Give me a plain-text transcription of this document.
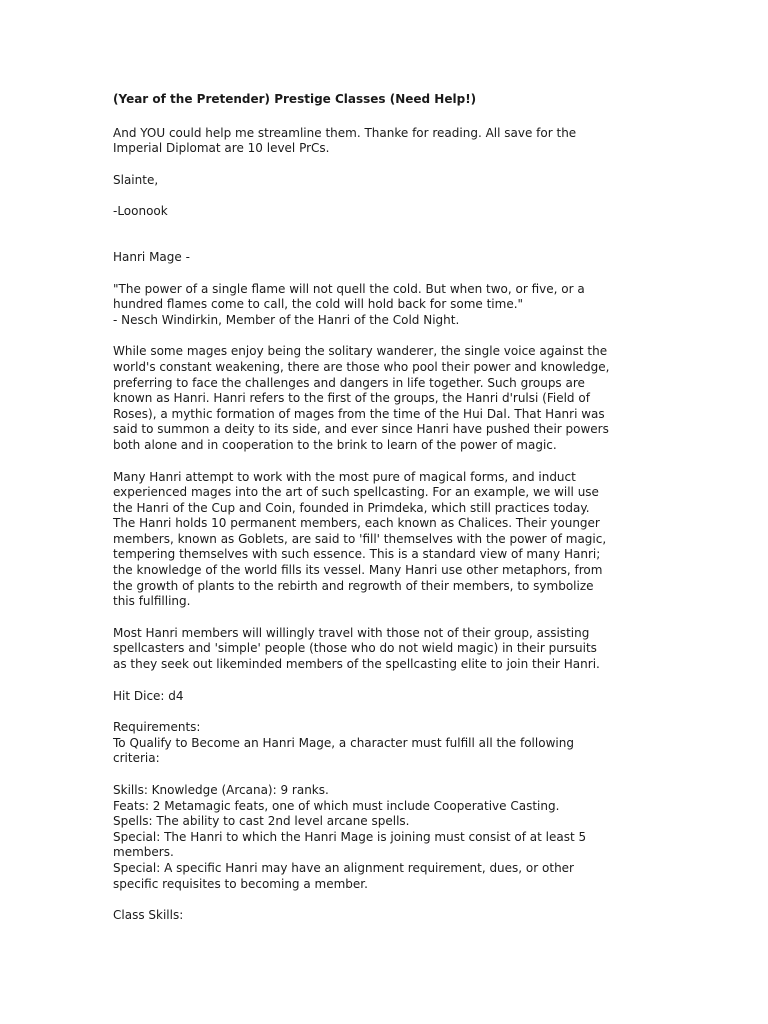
(Year of the Pretender) Prestige Classes (Need Help!)

And YOU could help me streamline them. Thanke for reading. All save for the
Imperial Diplomat are 10 level PrCs.
Slainte,
-Loonook
Hanri Mage -
"The power of a single flame will not quell the cold. But when two, or five, or a
hundred flames come to call, the cold will hold back for some time."
- Nesch Windirkin, Member of the Hanri of the Cold Night.
While some mages enjoy being the solitary wanderer, the single voice against the
world's constant weakening, there are those who pool their power and knowledge,
preferring to face the challenges and dangers in life together. Such groups are
known as Hanri. Hanri refers to the first of the groups, the Hanri d'rulsi (Field of
Roses), a mythic formation of mages from the time of the Hui Dal. That Hanri was
said to summon a deity to its side, and ever since Hanri have pushed their powers
both alone and in cooperation to the brink to learn of the power of magic.
Many Hanri attempt to work with the most pure of magical forms, and induct
experienced mages into the art of such spellcasting. For an example, we will use
the Hanri of the Cup and Coin, founded in Primdeka, which still practices today.
The Hanri holds 10 permanent members, each known as Chalices. Their younger
members, known as Goblets, are said to 'fill' themselves with the power of magic,
tempering themselves with such essence. This is a standard view of many Hanri;
the knowledge of the world fills its vessel. Many Hanri use other metaphors, from
the growth of plants to the rebirth and regrowth of their members, to symbolize
this fulfilling.
Most Hanri members will willingly travel with those not of their group, assisting
spellcasters and 'simple' people (those who do not wield magic) in their pursuits
as they seek out likeminded members of the spellcasting elite to join their Hanri.
Hit Dice: d4
Requirements:
To Qualify to Become an Hanri Mage, a character must fulfill all the following
criteria:
Skills: Knowledge (Arcana): 9 ranks.
Feats: 2 Metamagic feats, one of which must include Cooperative Casting.
Spells: The ability to cast 2nd level arcane spells.
Special: The Hanri to which the Hanri Mage is joining must consist of at least 5
members.
Special: A specific Hanri may have an alignment requirement, dues, or other
specific requisites to becoming a member.
Class Skills:
